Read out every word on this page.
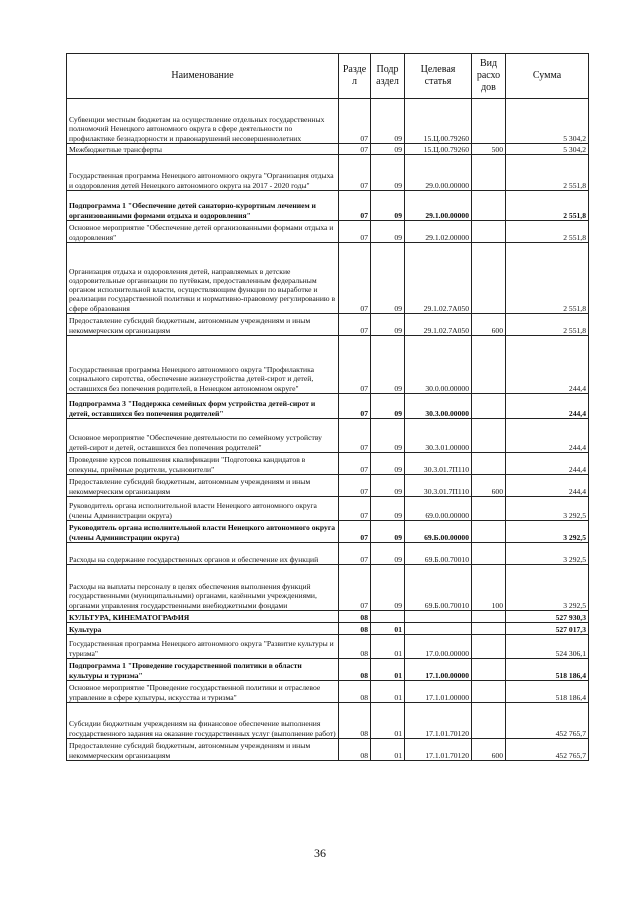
Наименование	Разде л	Подр аздел	Целевая статья	Вид расхо дов	Сумма
Субвенции местным бюджетам на осуществление отдельных государственных полномочий Ненецкого автономного округа в сфере деятельности по профилактике безнадзорности и правонарушений несовершеннолетних	07	09	15.Ц.00.79260		5 304,2
Межбюджетные трансферты	07	09	15.Ц.00.79260	500	5 304,2
Государственная программа Ненецкого автономного округа "Организация отдыха и оздоровления детей Ненецкого автономного округа на 2017 - 2020 годы"	07	09	29.0.00.00000		2 551,8
Подпрограмма 1 "Обеспечение детей санаторно-курортным лечением и организованными формами отдыха и оздоровления"	07	09	29.1.00.00000		2 551,8
Основное мероприятие "Обеспечение детей организованными формами отдыха и оздоровления"	07	09	29.1.02.00000		2 551,8
Организация отдыха и оздоровления детей, направляемых в детские оздоровительные организации по путёвкам, предоставленным федеральным органом исполнительной власти, осуществляющим функции по выработке и реализации государственной политики и нормативно-правовому регулированию в сфере образования	07	09	29.1.02.7А050		2 551,8
Предоставление субсидий бюджетным, автономным учреждениям и иным некоммерческим организациям	07	09	29.1.02.7А050	600	2 551,8
Государственная программа Ненецкого автономного округа "Профилактика социального сиротства, обеспечение жизнеустройства детей-сирот и детей, оставшихся без попечения родителей, в Ненецком автономном округе"	07	09	30.0.00.00000		244,4
Подпрограмма 3 "Поддержка семейных форм устройства детей-сирот и детей, оставшихся без попечения родителей"	07	09	30.3.00.00000		244,4
Основное мероприятие "Обеспечение деятельности по семейному устройству детей-сирот и детей, оставшихся без попечения родителей"	07	09	30.3.01.00000		244,4
Проведение курсов повышения квалификации "Подготовка кандидатов в опекуны, приёмные родители, усыновители"	07	09	30.3.01.7П110		244,4
Предоставление субсидий бюджетным, автономным учреждениям и иным некоммерческим организациям	07	09	30.3.01.7П110	600	244,4
Руководитель органа исполнительной власти Ненецкого автономного округа (члены Администрации округа)	07	09	69.0.00.00000		3 292,5
Руководитель органа исполнительной власти Ненецкого автономного округа (члены Администрации округа)	07	09	69.Б.00.00000		3 292,5
Расходы на содержание государственных органов и обеспечение их функций	07	09	69.Б.00.70010		3 292,5
Расходы на выплаты персоналу в целях обеспечения выполнения функций государственными (муниципальными) органами, казёнными учреждениями, органами управления государственными внебюджетными фондами	07	09	69.Б.00.70010	100	3 292,5
КУЛЬТУРА, КИНЕМАТОГРАФИЯ	08				527 930,3
Культура	08	01			527 017,3
Государственная программа Ненецкого автономного округа "Развитие культуры и туризма"	08	01	17.0.00.00000		524 306,1
Подпрограмма 1 "Проведение государственной политики в области культуры и туризма"	08	01	17.1.00.00000		518 186,4
Основное мероприятие "Проведение государственной политики и отраслевое управление в сфере культуры, искусства и туризма"	08	01	17.1.01.00000		518 186,4
Субсидии бюджетным учреждениям на финансовое обеспечение выполнения государственного задания на оказание государственных услуг (выполнение работ)	08	01	17.1.01.70120		452 765,7
Предоставление субсидий бюджетным, автономным учреждениям и иным некоммерческим организациям	08	01	17.1.01.70120	600	452 765,7
36
